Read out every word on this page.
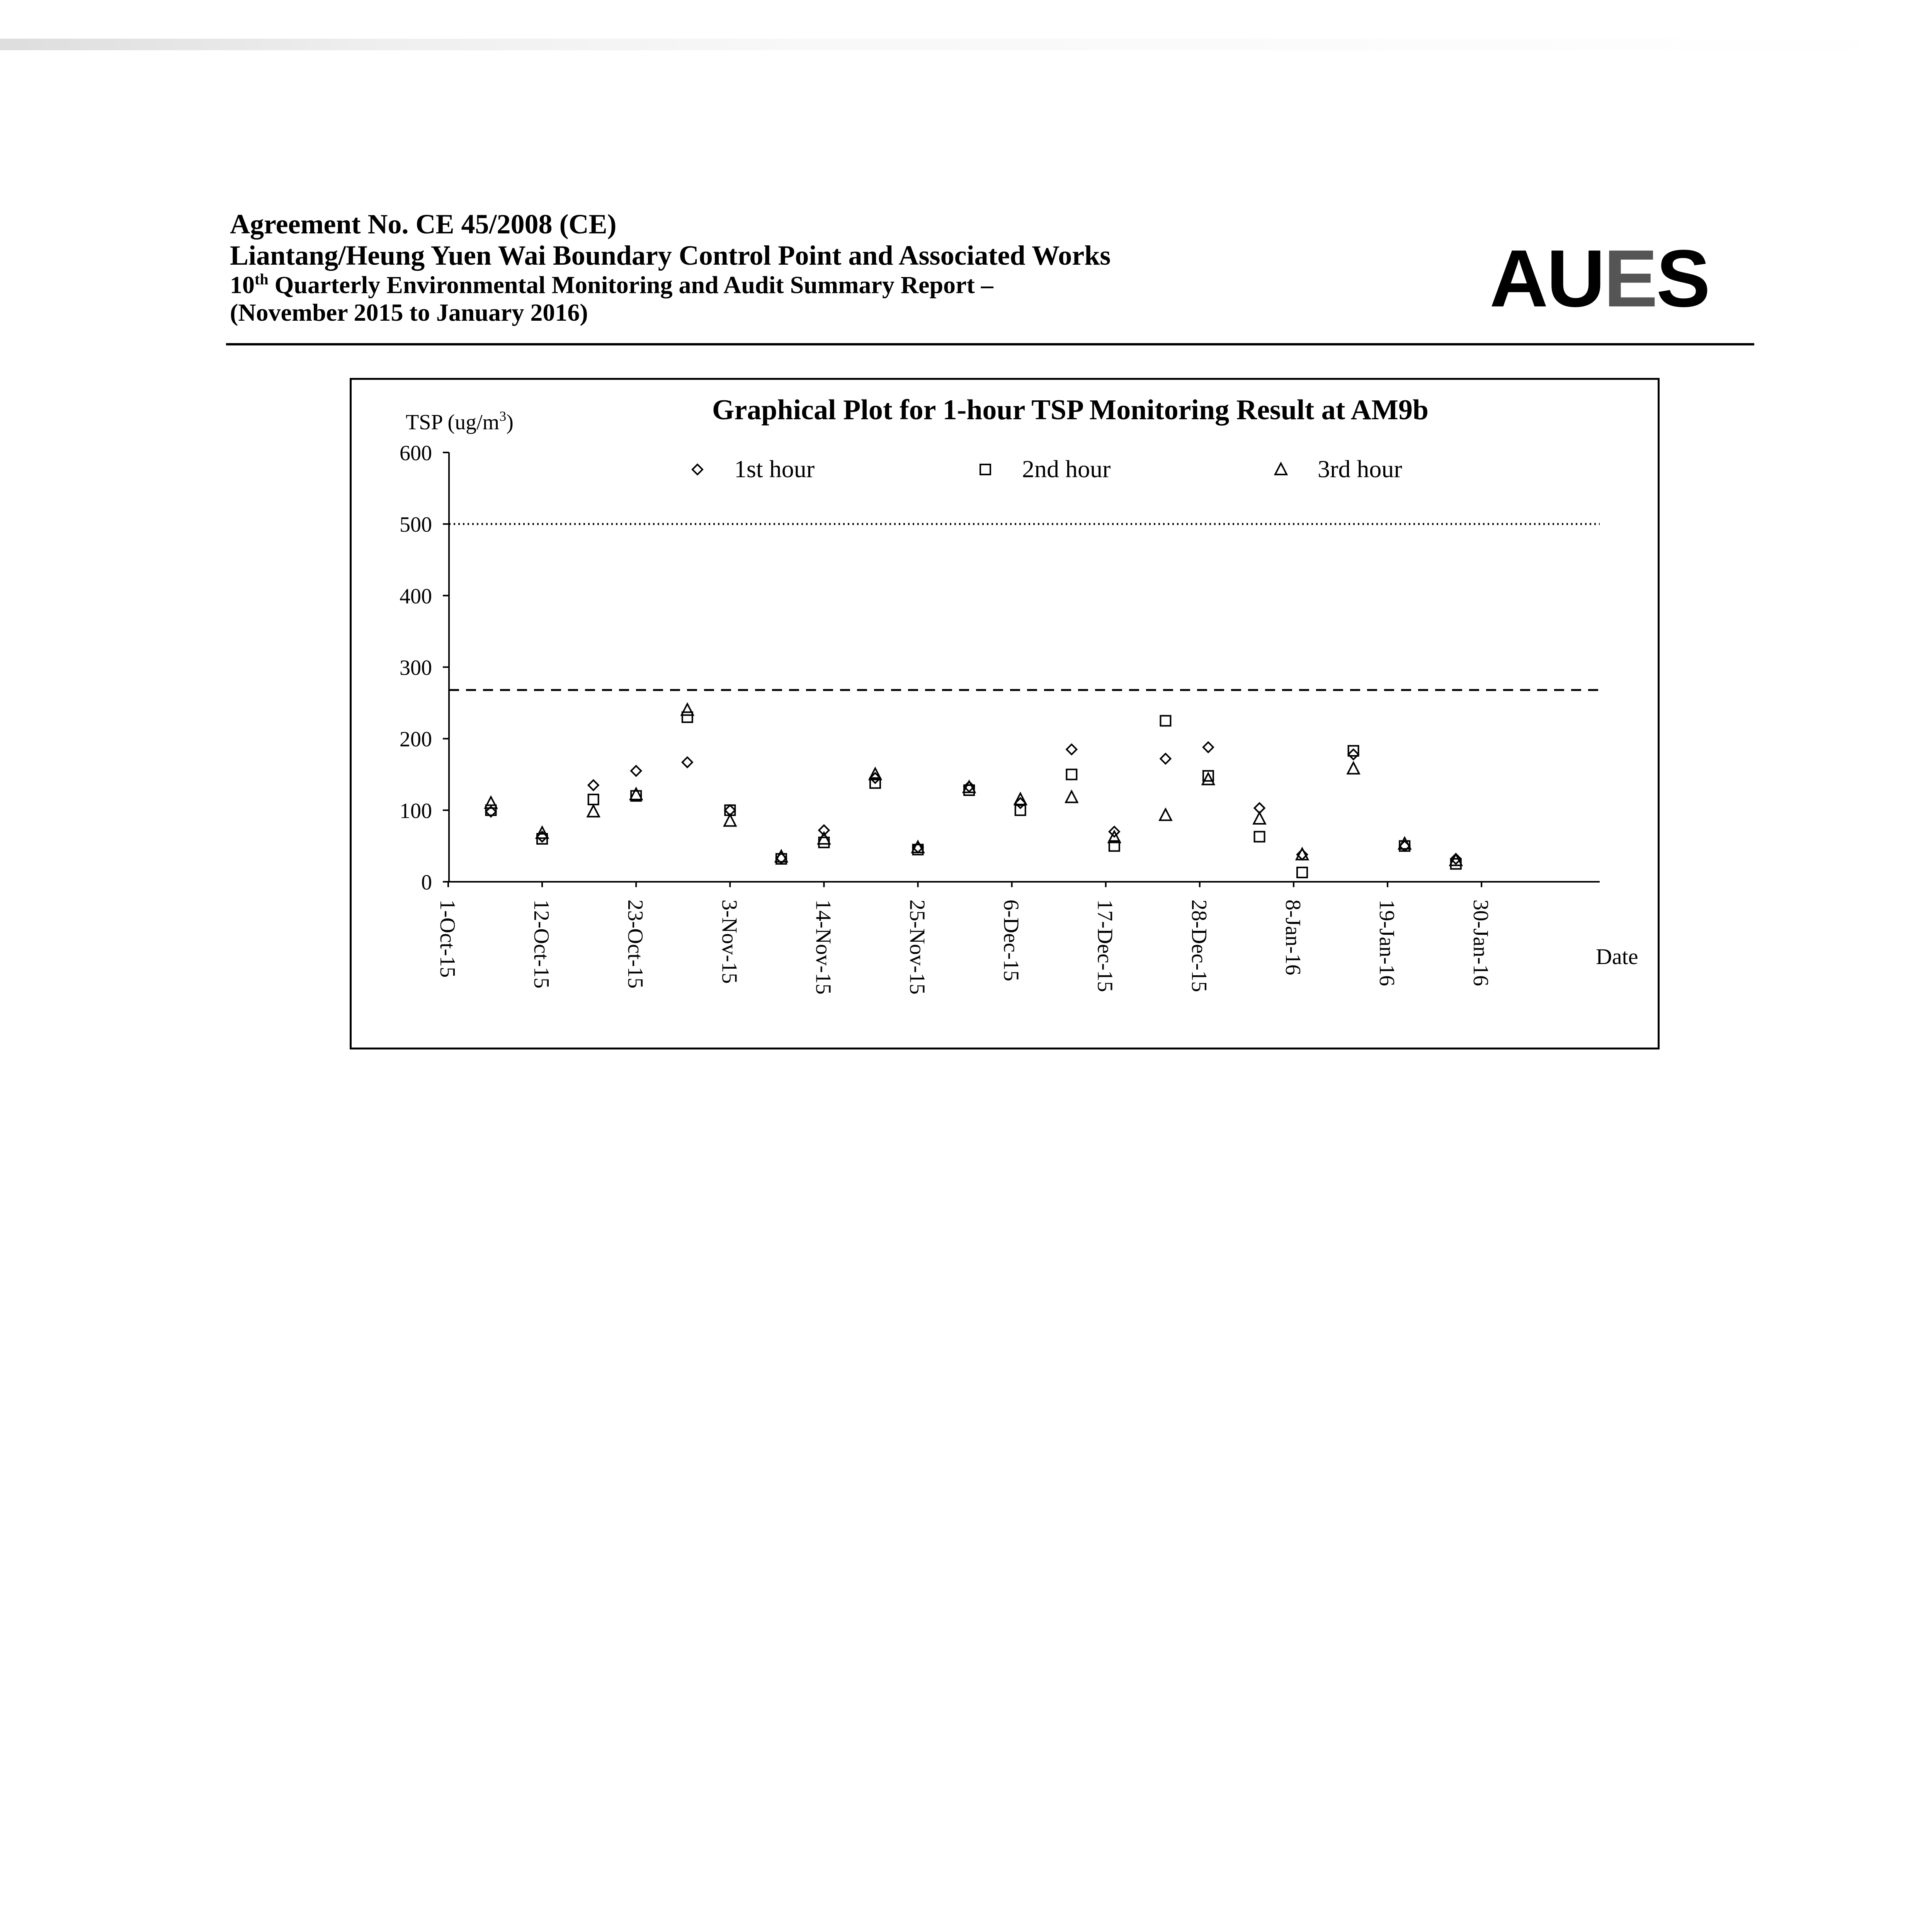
Agreement No. CE 45/2008 (CE)
Liantang/Heung Yuen Wai Boundary Control Point and Associated Works
10th Quarterly Environmental Monitoring and Audit Summary Report –
(November 2015 to January 2016)	AUES
Graphical Plot for 1-hour TSP Monitoring Result at AM9b
TSP $(ug/m^3)$
Date
1st hour	2nd hour	3rd hour
0
100
200
300
400
500
600
1-Oct-15	12-Oct-15	23-Oct-15	3-Nov-15	14-Nov-15	25-Nov-15	6-Dec-15	17-Dec-15	28-Dec-15	8-Jan-16	19-Jan-16	30-Jan-16
